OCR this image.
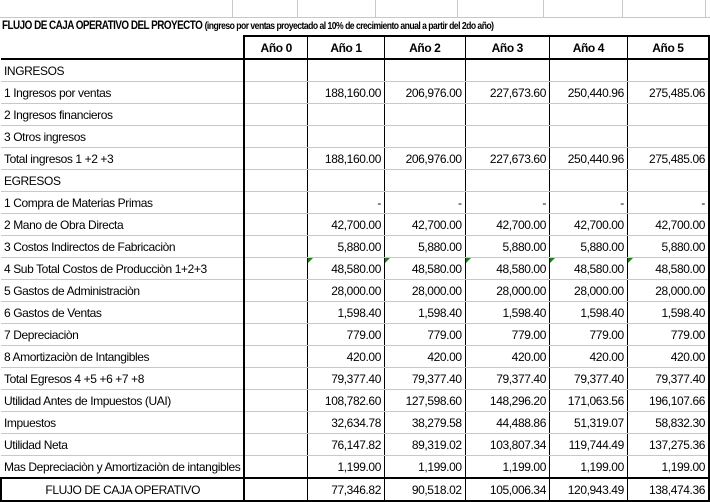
FLUJO DE CAJA OPERATIVO DEL PROYECTO (ingreso por ventas proyectado al 10% de crecimiento anual a partir del 2do año)
	Año 0	Año 1	Año 2	Año 3	Año 4	Año 5
INGRESOS						
1 Ingresos por ventas		188,160.00	206,976.00	227,673.60	250,440.96	275,485.06
2 Ingresos financieros						
3 Otros ingresos						
Total ingresos 1 +2 +3		188,160.00	206,976.00	227,673.60	250,440.96	275,485.06
EGRESOS						
1 Compra de Materias Primas		-	-	-	-	-
2 Mano de Obra Directa		42,700.00	42,700.00	42,700.00	42,700.00	42,700.00
3 Costos Indirectos de Fabricaciòn		5,880.00	5,880.00	5,880.00	5,880.00	5,880.00
4 Sub Total Costos de Producciòn 1+2+3		48,580.00	48,580.00	48,580.00	48,580.00	48,580.00
5 Gastos de Administraciòn		28,000.00	28,000.00	28,000.00	28,000.00	28,000.00
6 Gastos de Ventas		1,598.40	1,598.40	1,598.40	1,598.40	1,598.40
7 Depreciaciòn		779.00	779.00	779.00	779.00	779.00
8 Amortizaciòn de Intangibles		420.00	420.00	420.00	420.00	420.00
Total Egresos 4 +5 +6 +7 +8		79,377.40	79,377.40	79,377.40	79,377.40	79,377.40
Utilidad Antes de Impuestos (UAI)		108,782.60	127,598.60	148,296.20	171,063.56	196,107.66
Impuestos		32,634.78	38,279.58	44,488.86	51,319.07	58,832.30
Utilidad Neta		76,147.82	89,319.02	103,807.34	119,744.49	137,275.36
Mas Depreciaciòn y Amortizaciòn de intangibles		1,199.00	1,199.00	1,199.00	1,199.00	1,199.00
FLUJO DE CAJA OPERATIVO		77,346.82	90,518.02	105,006.34	120,943.49	138,474.36
